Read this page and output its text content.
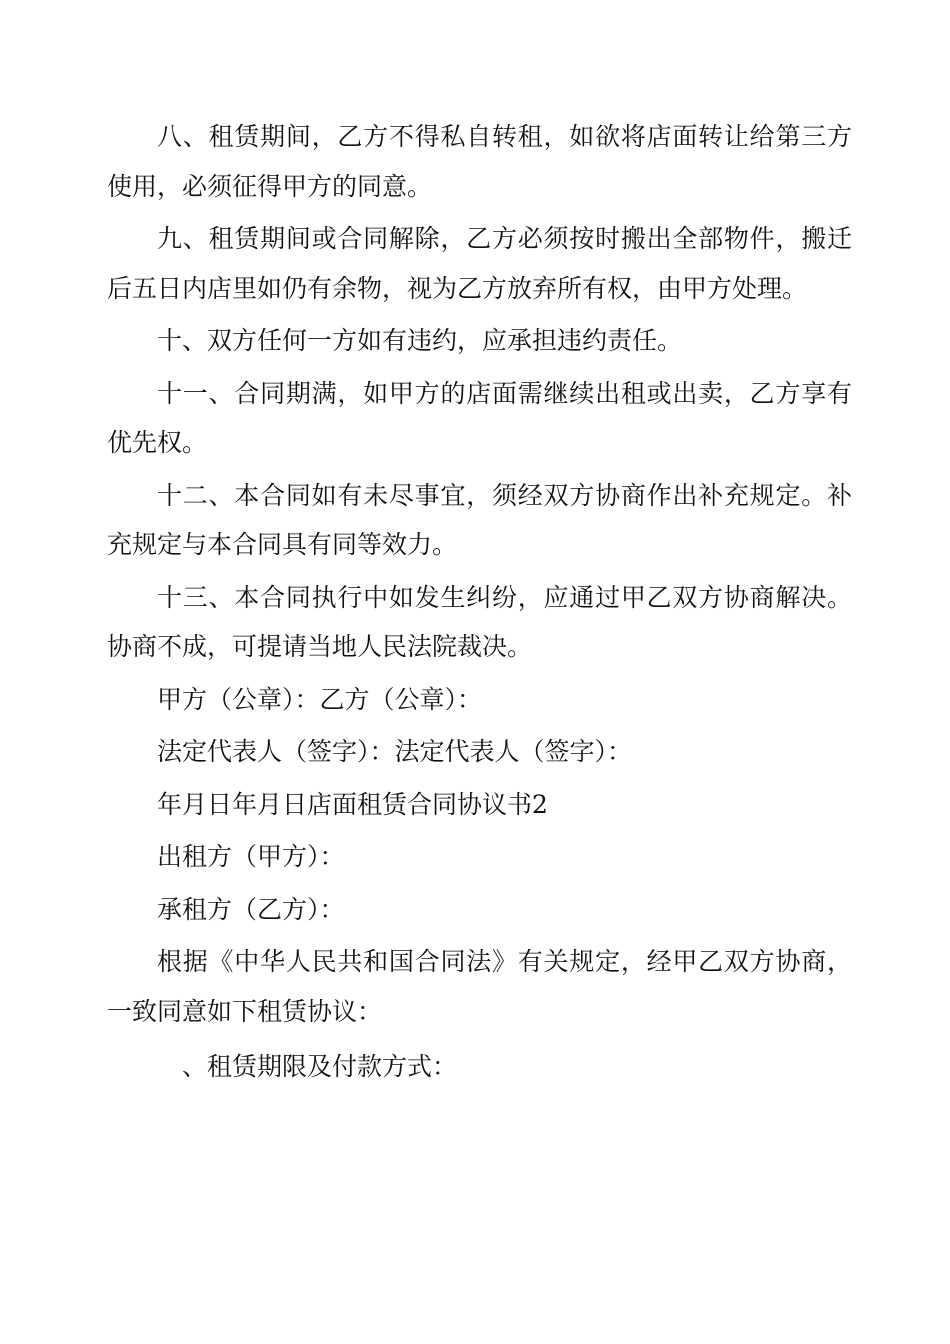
八、租赁期间，乙方不得私自转租，如欲将店面转让给第三方使用，必须征得甲方的同意。

九、租赁期间或合同解除，乙方必须按时搬出全部物件，搬迁后五日内店里如仍有余物，视为乙方放弃所有权，由甲方处理。

十、双方任何一方如有违约，应承担违约责任。

十一、合同期满，如甲方的店面需继续出租或出卖，乙方享有优先权。

十二、本合同如有未尽事宜，须经双方协商作出补充规定。补充规定与本合同具有同等效力。

十三、本合同执行中如发生纠纷，应通过甲乙双方协商解决。协商不成，可提请当地人民法院裁决。

甲方（公章）：乙方（公章）：

法定代表人（签字）：法定代表人（签字）：

年月日年月日店面租赁合同协议书2

出租方（甲方）：

承租方（乙方）：

根据《中华人民共和国合同法》有关规定，经甲乙双方协商，一致同意如下租赁协议：

、租赁期限及付款方式：
